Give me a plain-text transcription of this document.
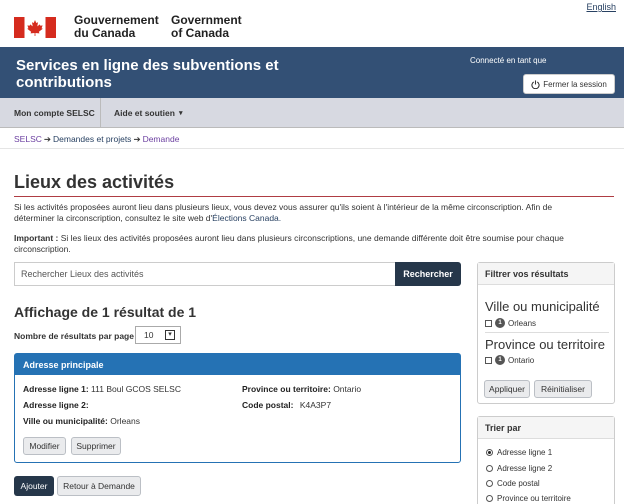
English
Gouvernement
du Canada
Government
of Canada
Services en ligne des subventions et contributions
Connecté en tant que
Fermer la session
Mon compte SELSC Aide et soutien ▾
SELSC ➔ Demandes et projets ➔ Demande
Lieux des activités
Si les activités proposées auront lieu dans plusieurs lieux, vous devez vous assurer qu'ils soient à l'intérieur de la même circonscription. Afin de déterminer la circonscription, consultez le site web d'Élections Canada.
Important : Si les lieux des activités proposées auront lieu dans plusieurs circonscriptions, une demande différente doit être soumise pour chaque circonscription.
Rechercher Lieux des activités	Rechercher
Affichage de 1 résultat de 1
Nombre de résultats par page 10	▾
Adresse principale
Adresse ligne 1: 111 Boul GCOS SELSC
Adresse ligne 2:
Ville ou municipalité: Orleans
Province ou territoire: Ontario
Code postal: K4A3P7
Modifier	Supprimer
Ajouter	Retour à Demande
Filtrer vos résultats
Ville ou municipalité
1 Orleans
Province ou territoire
1 Ontario
Appliquer	Réinitialiser
Trier par
Adresse ligne 1
Adresse ligne 2
Code postal
Province ou territoire
